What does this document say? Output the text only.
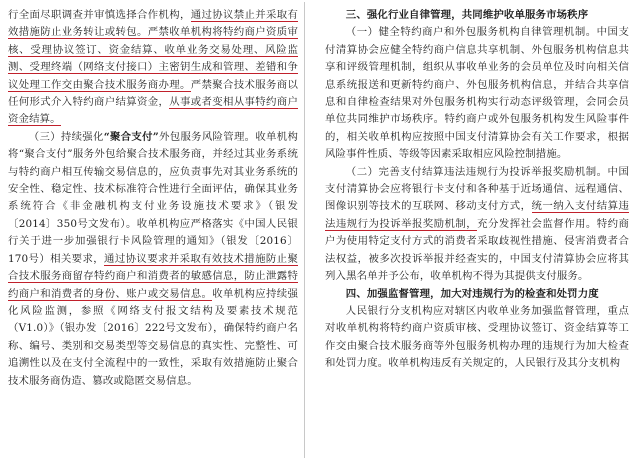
行全面尽职调查并审慎选择合作机构，通过协议禁止并采取有效措施防止业务转让或转包。严禁收单机构将特约商户资质审核、受理协议签订、资金结算、收单业务交易处理、风险监测、受理终端（网络支付接口）主密钥生成和管理、差错和争议处理工作交由聚合技术服务商办理。严禁聚合技术服务商以任何形式介入特约商户结算资金，从事或者变相从事特约商户资金结算。

（三）持续强化“聚合支付”外包服务风险管理。收单机构将“聚合支付”服务外包给聚合技术服务商，并经过其业务系统与特约商户相互传输交易信息的，应负责事先对其业务系统的安全性、稳定性、技术标准符合性进行全面评估，确保其业务系统符合《非金融机构支付业务设施技术要求》（银发〔2014〕350号文发布）。收单机构应严格落实《中国人民银行关于进一步加强银行卡风险管理的通知》（银发〔2016〕170号）相关要求，通过协议要求并采取有效技术措施防止聚合技术服务商留存特约商户和消费者的敏感信息，防止泄露特约商户和消费者的身份、账户或交易信息。收单机构应持续强化风险监测，参照《网络支付报文结构及要素技术规范（V1.0）》（银办发〔2016〕222号文发布），确保特约商户名称、编号、类别和交易类型等交易信息的真实性、完整性、可追溯性以及在支付全流程中的一致性，采取有效措施防止聚合技术服务商伪造、篡改或隐匿交易信息。

三、强化行业自律管理，共同维护收单服务市场秩序

（一）健全特约商户和外包服务机构自律管理机制。中国支付清算协会应健全特约商户信息共享机制、外包服务机构信息共享和评级管理机制，组织从事收单业务的会员单位及时向相关信息系统报送和更新特约商户、外包服务机构信息，并结合共享信息和自律检查结果对外包服务机构实行动态评级管理，会同会员单位共同维护市场秩序。特约商户或外包服务机构发生风险事件的，相关收单机构应按照中国支付清算协会有关工作要求，根据风险事件性质、等级等因素采取相应风险控制措施。

（二）完善支付结算违法违规行为投诉举报奖励机制。中国支付清算协会应将银行卡支付和各种基于近场通信、远程通信、图像识别等技术的互联网、移动支付方式，统一纳入支付结算违法违规行为投诉举报奖励机制，充分发挥社会监督作用。特约商户为使用特定支付方式的消费者采取歧视性措施、侵害消费者合法权益，被多次投诉举报并经查实的，中国支付清算协会应将其列入黑名单并予公布，收单机构不得为其提供支付服务。

四、加强监督管理，加大对违规行为的检查和处罚力度

人民银行分支机构应对辖区内收单业务加强监督管理，重点对收单机构将特约商户资质审核、受理协议签订、资金结算等工作交由聚合技术服务商等外包服务机构办理的违规行为加大检查和处罚力度。收单机构违反有关规定的，人民银行及其分支机构
